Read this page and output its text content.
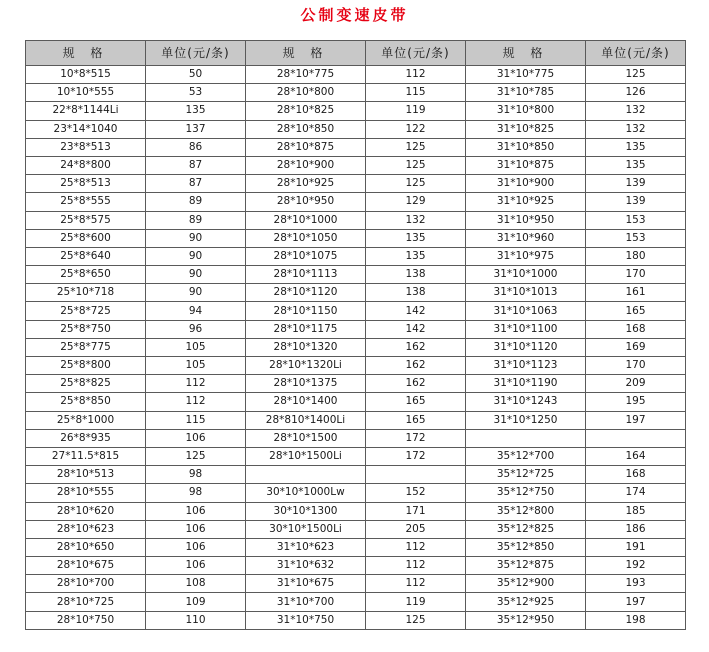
公制变速皮带
规 格	单位(元/条)	规 格	单位(元/条)	规 格	单位(元/条)
10*8*515	50	28*10*775	112	31*10*775	125
10*10*555	53	28*10*800	115	31*10*785	126
22*8*1144Li	135	28*10*825	119	31*10*800	132
23*14*1040	137	28*10*850	122	31*10*825	132
23*8*513	86	28*10*875	125	31*10*850	135
24*8*800	87	28*10*900	125	31*10*875	135
25*8*513	87	28*10*925	125	31*10*900	139
25*8*555	89	28*10*950	129	31*10*925	139
25*8*575	89	28*10*1000	132	31*10*950	153
25*8*600	90	28*10*1050	135	31*10*960	153
25*8*640	90	28*10*1075	135	31*10*975	180
25*8*650	90	28*10*1113	138	31*10*1000	170
25*10*718	90	28*10*1120	138	31*10*1013	161
25*8*725	94	28*10*1150	142	31*10*1063	165
25*8*750	96	28*10*1175	142	31*10*1100	168
25*8*775	105	28*10*1320	162	31*10*1120	169
25*8*800	105	28*10*1320Li	162	31*10*1123	170
25*8*825	112	28*10*1375	162	31*10*1190	209
25*8*850	112	28*10*1400	165	31*10*1243	195
25*8*1000	115	28*810*1400Li	165	31*10*1250	197
26*8*935	106	28*10*1500	172		
27*11.5*815	125	28*10*1500Li	172	35*12*700	164
28*10*513	98			35*12*725	168
28*10*555	98	30*10*1000Lw	152	35*12*750	174
28*10*620	106	30*10*1300	171	35*12*800	185
28*10*623	106	30*10*1500Li	205	35*12*825	186
28*10*650	106	31*10*623	112	35*12*850	191
28*10*675	106	31*10*632	112	35*12*875	192
28*10*700	108	31*10*675	112	35*12*900	193
28*10*725	109	31*10*700	119	35*12*925	197
28*10*750	110	31*10*750	125	35*12*950	198
